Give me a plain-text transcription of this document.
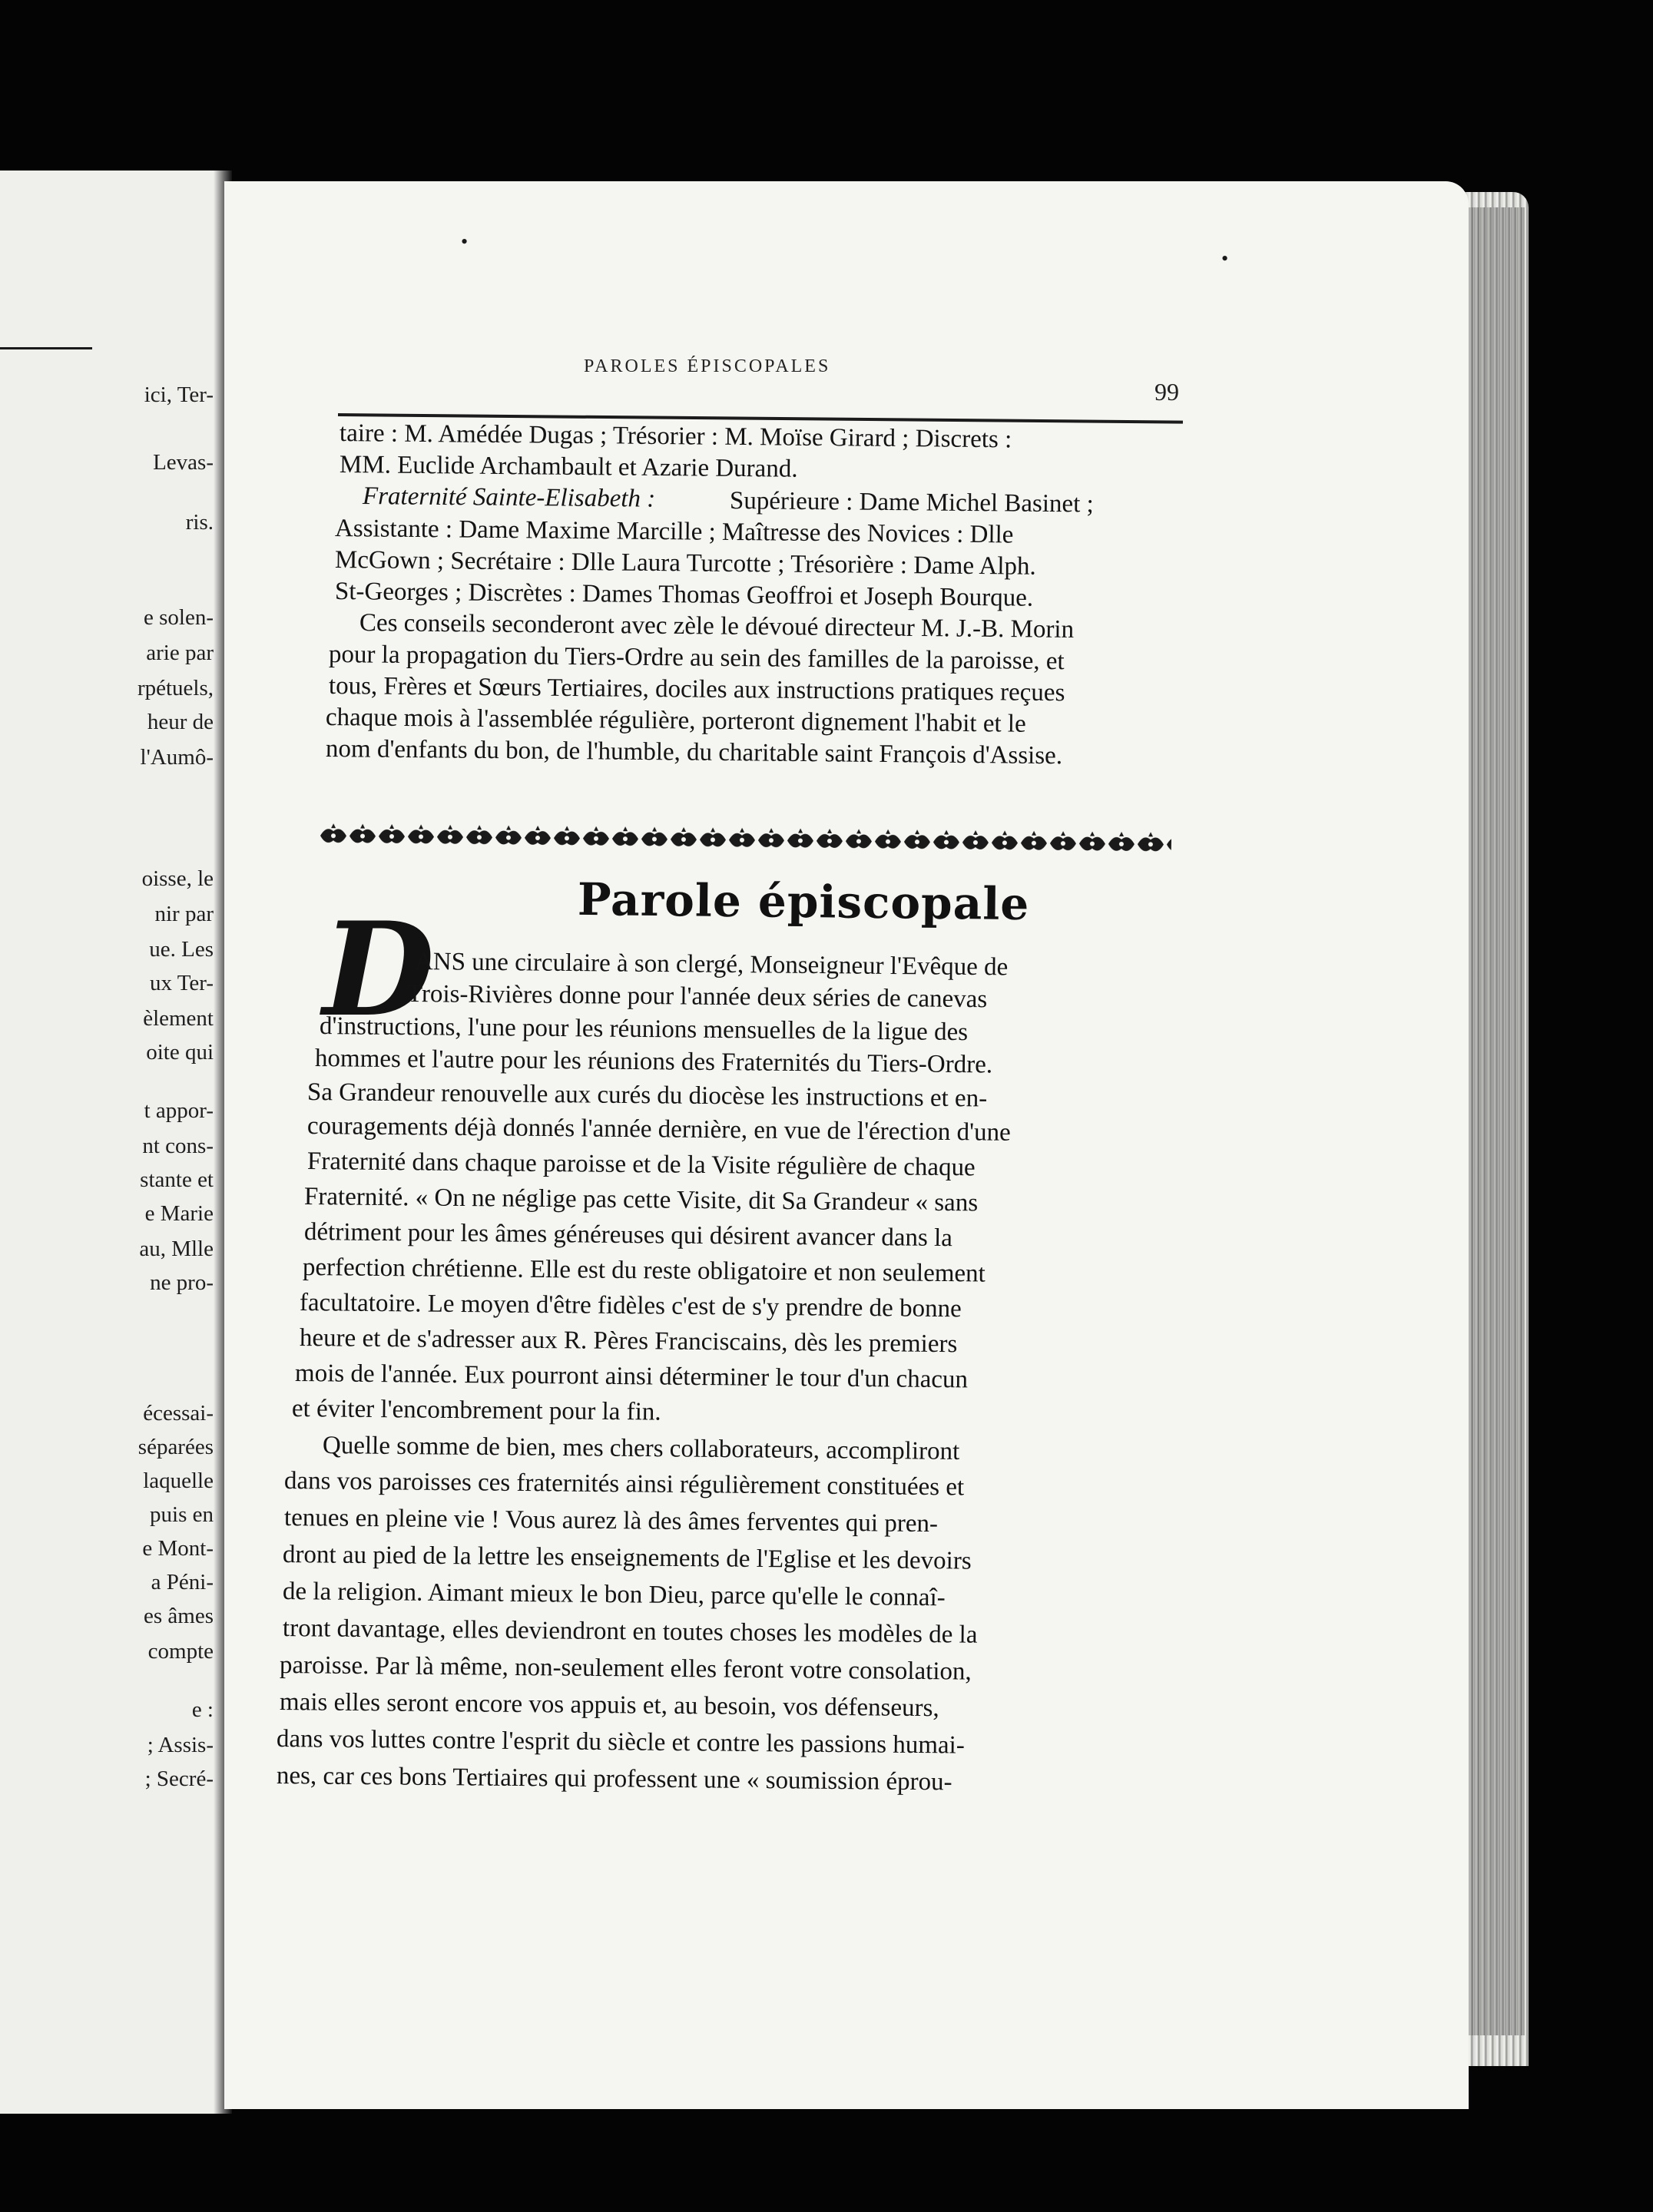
ici, Ter-
Levas-
ris.
e solen-
arie par
rpétuels,
heur de
l'Aumô-
oisse, le
nir par
ue. Les
ux Ter-
èlement
oite qui
t appor-
nt cons-
stante et
e Marie
au, Mlle
ne pro-
écessai-
séparées
laquelle
puis en
e Mont-
a Péni-
es âmes
compte
e :
; Assis-
; Secré-
PAROLES ÉPISCOPALES
99
taire : M. Amédée Dugas ; Trésorier : M. Moïse Girard ; Discrets :
MM. Euclide Archambault et Azarie Durand.
Fraternité Sainte-Elisabeth :	Supérieure : Dame Michel Basinet ;
Assistante : Dame Maxime Marcille ; Maîtresse des Novices : Dlle
McGown ; Secrétaire : Dlle Laura Turcotte ; Trésorière : Dame Alph.
St-Georges ; Discrètes : Dames Thomas Geoffroi et Joseph Bourque.
Ces conseils seconderont avec zèle le dévoué directeur M. J.-B. Morin
pour la propagation du Tiers-Ordre au sein des familles de la paroisse, et
tous, Frères et Sœurs Tertiaires, dociles aux instructions pratiques reçues
chaque mois à l'assemblée régulière, porteront dignement l'habit et le
nom d'enfants du bon, de l'humble, du charitable saint François d'Assise.
Parole épiscopale
D
ANS une circulaire à son clergé, Monseigneur l'Evêque de
Trois-Rivières donne pour l'année deux séries de canevas
d'instructions, l'une pour les réunions mensuelles de la ligue des
hommes et l'autre pour les réunions des Fraternités du Tiers-Ordre.
Sa Grandeur renouvelle aux curés du diocèse les instructions et en-
couragements déjà donnés l'année dernière, en vue de l'érection d'une
Fraternité dans chaque paroisse et de la Visite régulière de chaque
Fraternité. « On ne néglige pas cette Visite, dit Sa Grandeur « sans
détriment pour les âmes généreuses qui désirent avancer dans la
perfection chrétienne. Elle est du reste obligatoire et non seulement
facultatoire. Le moyen d'être fidèles c'est de s'y prendre de bonne
heure et de s'adresser aux R. Pères Franciscains, dès les premiers
mois de l'année. Eux pourront ainsi déterminer le tour d'un chacun
et éviter l'encombrement pour la fin.
Quelle somme de bien, mes chers collaborateurs, accompliront
dans vos paroisses ces fraternités ainsi régulièrement constituées et
tenues en pleine vie ! Vous aurez là des âmes ferventes qui pren-
dront au pied de la lettre les enseignements de l'Eglise et les devoirs
de la religion. Aimant mieux le bon Dieu, parce qu'elle le connaî-
tront davantage, elles deviendront en toutes choses les modèles de la
paroisse. Par là même, non-seulement elles feront votre consolation,
mais elles seront encore vos appuis et, au besoin, vos défenseurs,
dans vos luttes contre l'esprit du siècle et contre les passions humai-
nes, car ces bons Tertiaires qui professent une « soumission éprou-
•
•
